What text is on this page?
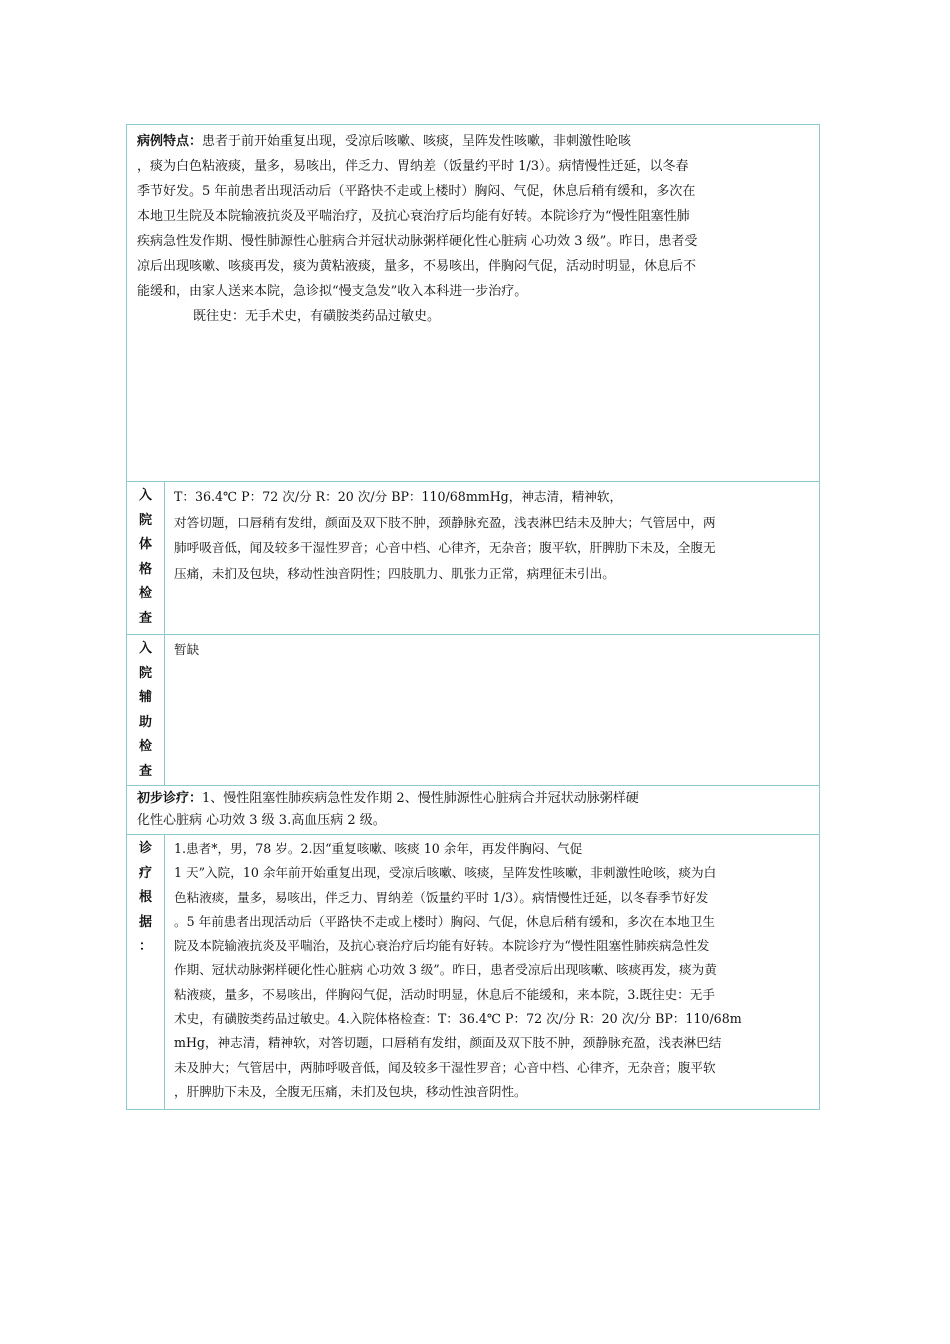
病例特点：患者于前开始重复出现，受凉后咳嗽、咳痰，呈阵发性咳嗽，非刺激性呛咳
，痰为白色粘液痰，量多，易咳出，伴乏力、胃纳差（饭量约平时 1/3）。病情慢性迁延，以冬春
季节好发。5 年前患者出现活动后（平路快不走或上楼时）胸闷、气促，休息后稍有缓和，多次在
本地卫生院及本院输液抗炎及平喘治疗，及抗心衰治疗后均能有好转。本院诊疗为“慢性阻塞性肺
疾病急性发作期、慢性肺源性心脏病合并冠状动脉粥样硬化性心脏病 心功效 3 级”。昨日，患者受
凉后出现咳嗽、咳痰再发，痰为黄粘液痰，量多，不易咳出，伴胸闷气促，活动时明显，休息后不
能缓和，由家人送来本院，急诊拟“慢支急发”收入本科进一步治疗。
既往史：无手术史，有磺胺类药品过敏史。
入
院
体
格
检
查
T：36.4℃ P：72 次/分 R：20 次/分 BP：110/68mmHg，神志清，精神软，
对答切题，口唇稍有发绀，颜面及双下肢不肿，颈静脉充盈，浅表淋巴结未及肿大；气管居中，两
肺呼吸音低，闻及较多干湿性罗音；心音中档、心律齐，无杂音；腹平软，肝脾肋下未及，全腹无
压痛，未扪及包块，移动性浊音阴性；四肢肌力、肌张力正常，病理征未引出。
入
院
辅
助
检
查
暂缺
初步诊疗：1、慢性阻塞性肺疾病急性发作期 2、慢性肺源性心脏病合并冠状动脉粥样硬
化性心脏病 心功效 3 级 3.高血压病 2 级。
诊
疗
根
据
：
1.患者*，男，78 岁。2.因“重复咳嗽、咳痰 10 余年，再发伴胸闷、气促
1 天”入院，10 余年前开始重复出现，受凉后咳嗽、咳痰，呈阵发性咳嗽，非刺激性呛咳，痰为白
色粘液痰，量多，易咳出，伴乏力、胃纳差（饭量约平时 1/3）。病情慢性迁延，以冬春季节好发
。5 年前患者出现活动后（平路快不走或上楼时）胸闷、气促，休息后稍有缓和，多次在本地卫生
院及本院输液抗炎及平喘治，及抗心衰治疗后均能有好转。本院诊疗为“慢性阻塞性肺疾病急性发
作期、冠状动脉粥样硬化性心脏病 心功效 3 级”。昨日，患者受凉后出现咳嗽、咳痰再发，痰为黄
粘液痰，量多，不易咳出，伴胸闷气促，活动时明显，休息后不能缓和，来本院，3.既往史：无手
术史，有磺胺类药品过敏史。4.入院体格检查：T：36.4℃ P：72 次/分 R：20 次/分 BP：110/68m
mHg，神志清，精神软，对答切题，口唇稍有发绀，颜面及双下肢不肿，颈静脉充盈，浅表淋巴结
未及肿大；气管居中，两肺呼吸音低，闻及较多干湿性罗音；心音中档、心律齐，无杂音；腹平软
，肝脾肋下未及，全腹无压痛，未扪及包块，移动性浊音阴性。
